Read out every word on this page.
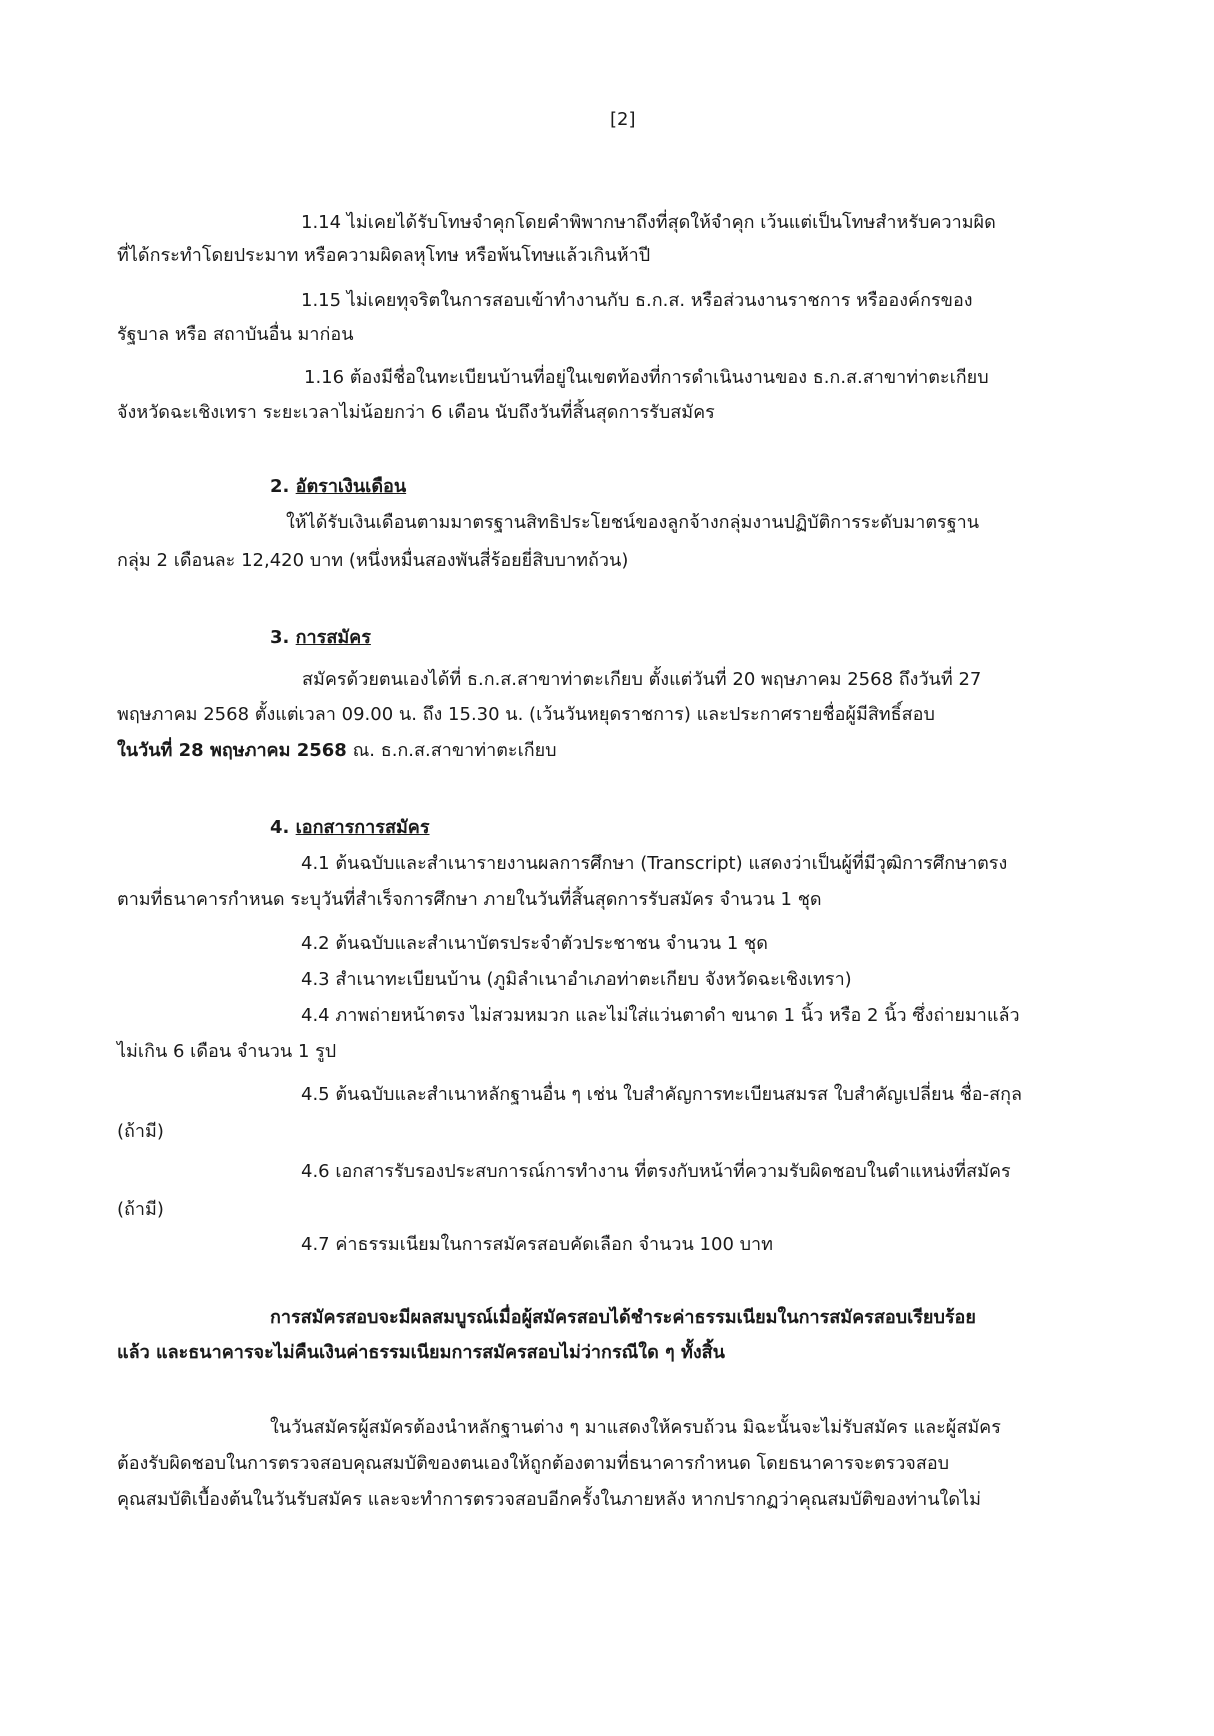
[2]
1.14 ไม่เคยได้รับโทษจำคุกโดยคำพิพากษาถึงที่สุดให้จำคุก เว้นแต่เป็นโทษสำหรับความผิด
ที่ได้กระทำโดยประมาท หรือความผิดลหุโทษ หรือพ้นโทษแล้วเกินห้าปี
1.15 ไม่เคยทุจริตในการสอบเข้าทำงานกับ ธ.ก.ส. หรือส่วนงานราชการ หรือองค์กรของ
รัฐบาล หรือ สถาบันอื่น มาก่อน
1.16 ต้องมีชื่อในทะเบียนบ้านที่อยู่ในเขตท้องที่การดำเนินงานของ ธ.ก.ส.สาขาท่าตะเกียบ
จังหวัดฉะเชิงเทรา ระยะเวลาไม่น้อยกว่า 6 เดือน นับถึงวันที่สิ้นสุดการรับสมัคร
2. อัตราเงินเดือน
ให้ได้รับเงินเดือนตามมาตรฐานสิทธิประโยชน์ของลูกจ้างกลุ่มงานปฏิบัติการระดับมาตรฐาน
กลุ่ม 2 เดือนละ 12,420 บาท (หนึ่งหมื่นสองพันสี่ร้อยยี่สิบบาทถ้วน)
3. การสมัคร
สมัครด้วยตนเองได้ที่ ธ.ก.ส.สาขาท่าตะเกียบ ตั้งแต่วันที่ 20 พฤษภาคม 2568 ถึงวันที่ 27
พฤษภาคม 2568 ตั้งแต่เวลา 09.00 น. ถึง 15.30 น. (เว้นวันหยุดราชการ) และประกาศรายชื่อผู้มีสิทธิ์สอบ
ในวันที่ 28 พฤษภาคม 2568 ณ. ธ.ก.ส.สาขาท่าตะเกียบ
4. เอกสารการสมัคร
4.1 ต้นฉบับและสำเนารายงานผลการศึกษา (Transcript) แสดงว่าเป็นผู้ที่มีวุฒิการศึกษาตรง
ตามที่ธนาคารกำหนด ระบุวันที่สำเร็จการศึกษา ภายในวันที่สิ้นสุดการรับสมัคร จำนวน 1 ชุด
4.2 ต้นฉบับและสำเนาบัตรประจำตัวประชาชน จำนวน 1 ชุด
4.3 สำเนาทะเบียนบ้าน (ภูมิลำเนาอำเภอท่าตะเกียบ จังหวัดฉะเชิงเทรา)
4.4 ภาพถ่ายหน้าตรง ไม่สวมหมวก และไม่ใส่แว่นตาดำ ขนาด 1 นิ้ว หรือ 2 นิ้ว ซึ่งถ่ายมาแล้ว
ไม่เกิน 6 เดือน จำนวน 1 รูป
4.5 ต้นฉบับและสำเนาหลักฐานอื่น ๆ เช่น ใบสำคัญการทะเบียนสมรส ใบสำคัญเปลี่ยน ชื่อ-สกุล
(ถ้ามี)
4.6 เอกสารรับรองประสบการณ์การทำงาน ที่ตรงกับหน้าที่ความรับผิดชอบในตำแหน่งที่สมัคร
(ถ้ามี)
4.7 ค่าธรรมเนียมในการสมัครสอบคัดเลือก จำนวน 100 บาท
การสมัครสอบจะมีผลสมบูรณ์เมื่อผู้สมัครสอบได้ชำระค่าธรรมเนียมในการสมัครสอบเรียบร้อย
แล้ว และธนาคารจะไม่คืนเงินค่าธรรมเนียมการสมัครสอบไม่ว่ากรณีใด ๆ ทั้งสิ้น
ในวันสมัครผู้สมัครต้องนำหลักฐานต่าง ๆ มาแสดงให้ครบถ้วน มิฉะนั้นจะไม่รับสมัคร และผู้สมัคร
ต้องรับผิดชอบในการตรวจสอบคุณสมบัติของตนเองให้ถูกต้องตามที่ธนาคารกำหนด โดยธนาคารจะตรวจสอบ
คุณสมบัติเบื้องต้นในวันรับสมัคร และจะทำการตรวจสอบอีกครั้งในภายหลัง หากปรากฏว่าคุณสมบัติของท่านใดไม่
